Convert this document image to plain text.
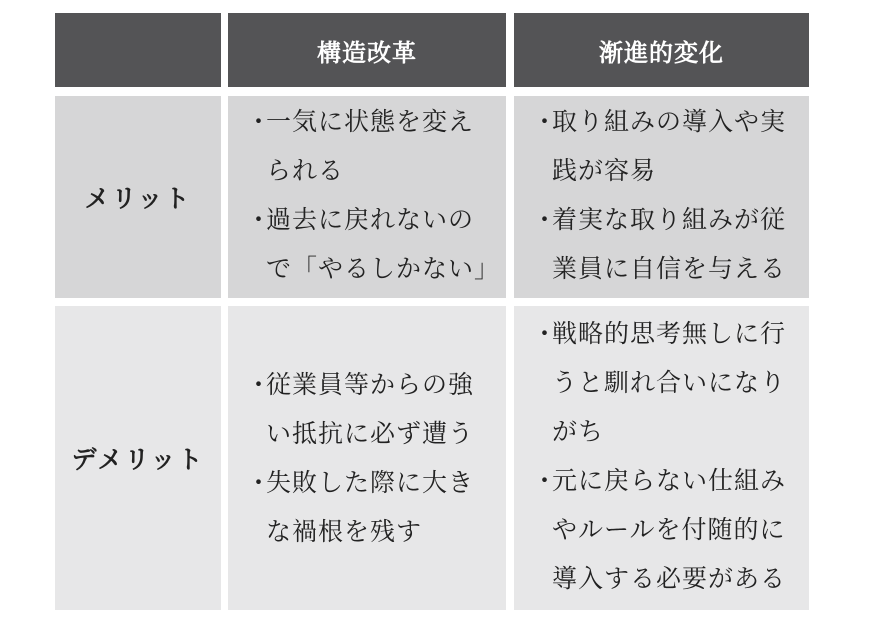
構造改革	渐進的変化
メリット
・
一気に状態を変えられる
・
過去に戻れないので「やるしかない」
・
取り組みの導入や実践が容易
・
着実な取り組みが従業員に自信を与える
デメリット
・
従業員等からの強い抵抗に必ず遭う
・
失敗した際に大きな禍根を残す
・
戦略的思考無しに行うと馴れ合いになりがち
・
元に戻らない仕組みやルールを付随的に導入する必要がある
